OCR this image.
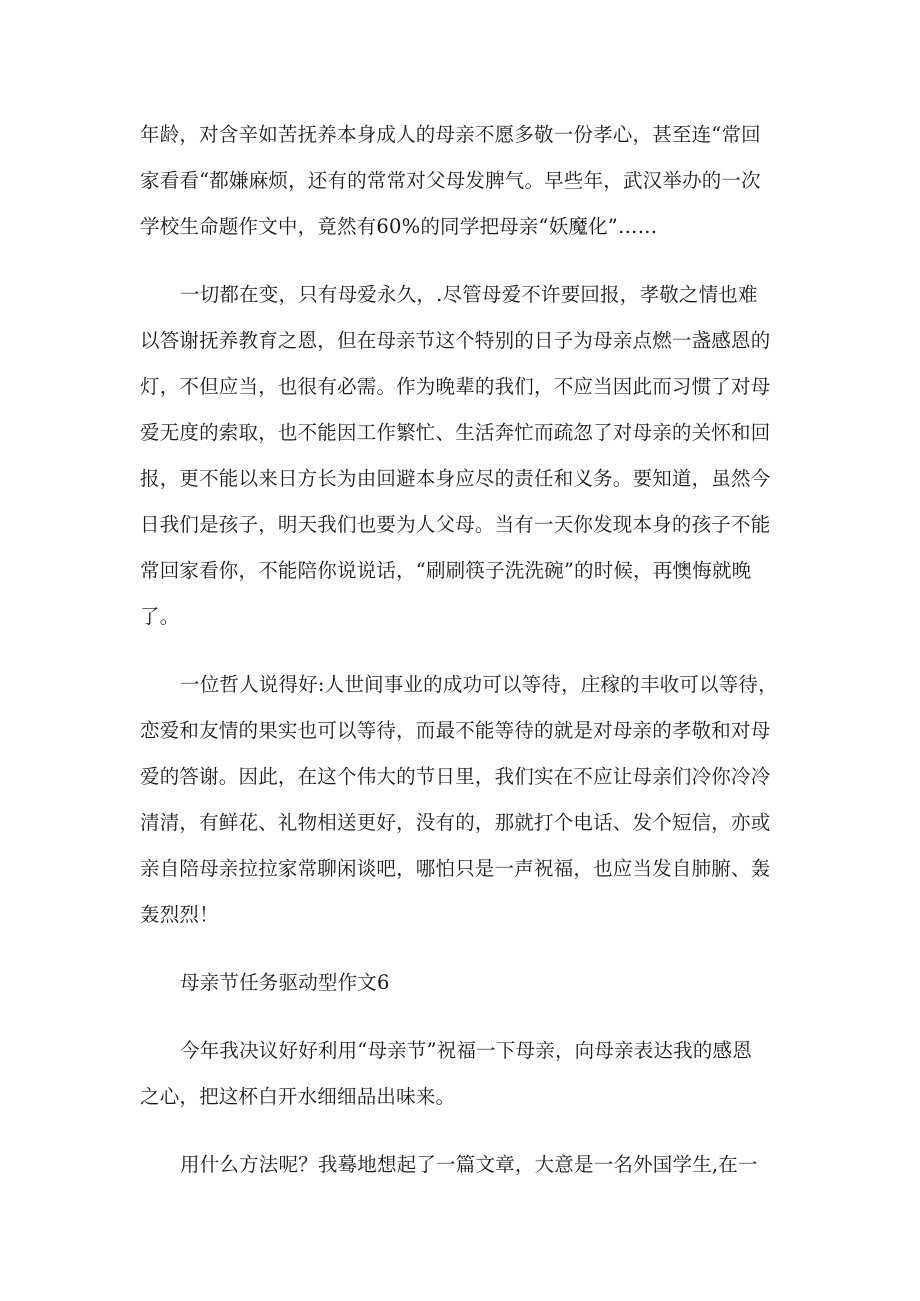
年龄，对含辛如苦抚养本身成人的母亲不愿多敬一份孝心，甚至连“常回
家看看“都嫌麻烦，还有的常常对父母发脾气。早些年，武汉举办的一次
学校生命题作文中，竟然有60%的同学把母亲“妖魔化”……
一切都在变，只有母爱永久，.尽管母爱不许要回报，孝敬之情也难
以答谢抚养教育之恩，但在母亲节这个特别的日子为母亲点燃一盏感恩的
灯，不但应当，也很有必需。作为晚辈的我们，不应当因此而习惯了对母
爱无度的索取，也不能因工作繁忙、生活奔忙而疏忽了对母亲的关怀和回
报，更不能以来日方长为由回避本身应尽的责任和义务。要知道，虽然今
日我们是孩子，明天我们也要为人父母。当有一天你发现本身的孩子不能
常回家看你，不能陪你说说话，“刷刷筷子洗洗碗”的时候，再懊悔就晚
了。
一位哲人说得好:人世间事业的成功可以等待，庄稼的丰收可以等待，
恋爱和友情的果实也可以等待，而最不能等待的就是对母亲的孝敬和对母
爱的答谢。因此，在这个伟大的节日里，我们实在不应让母亲们冷你冷冷
清清，有鲜花、礼物相送更好，没有的，那就打个电话、发个短信，亦或
亲自陪母亲拉拉家常聊闲谈吧，哪怕只是一声祝福，也应当发自肺腑、轰
轰烈烈！
母亲节任务驱动型作文6
今年我决议好好利用“母亲节”祝福一下母亲，向母亲表达我的感恩
之心，把这杯白开水细细品出味来。
用什么方法呢？我蓦地想起了一篇文章，大意是一名外国学生,在一
